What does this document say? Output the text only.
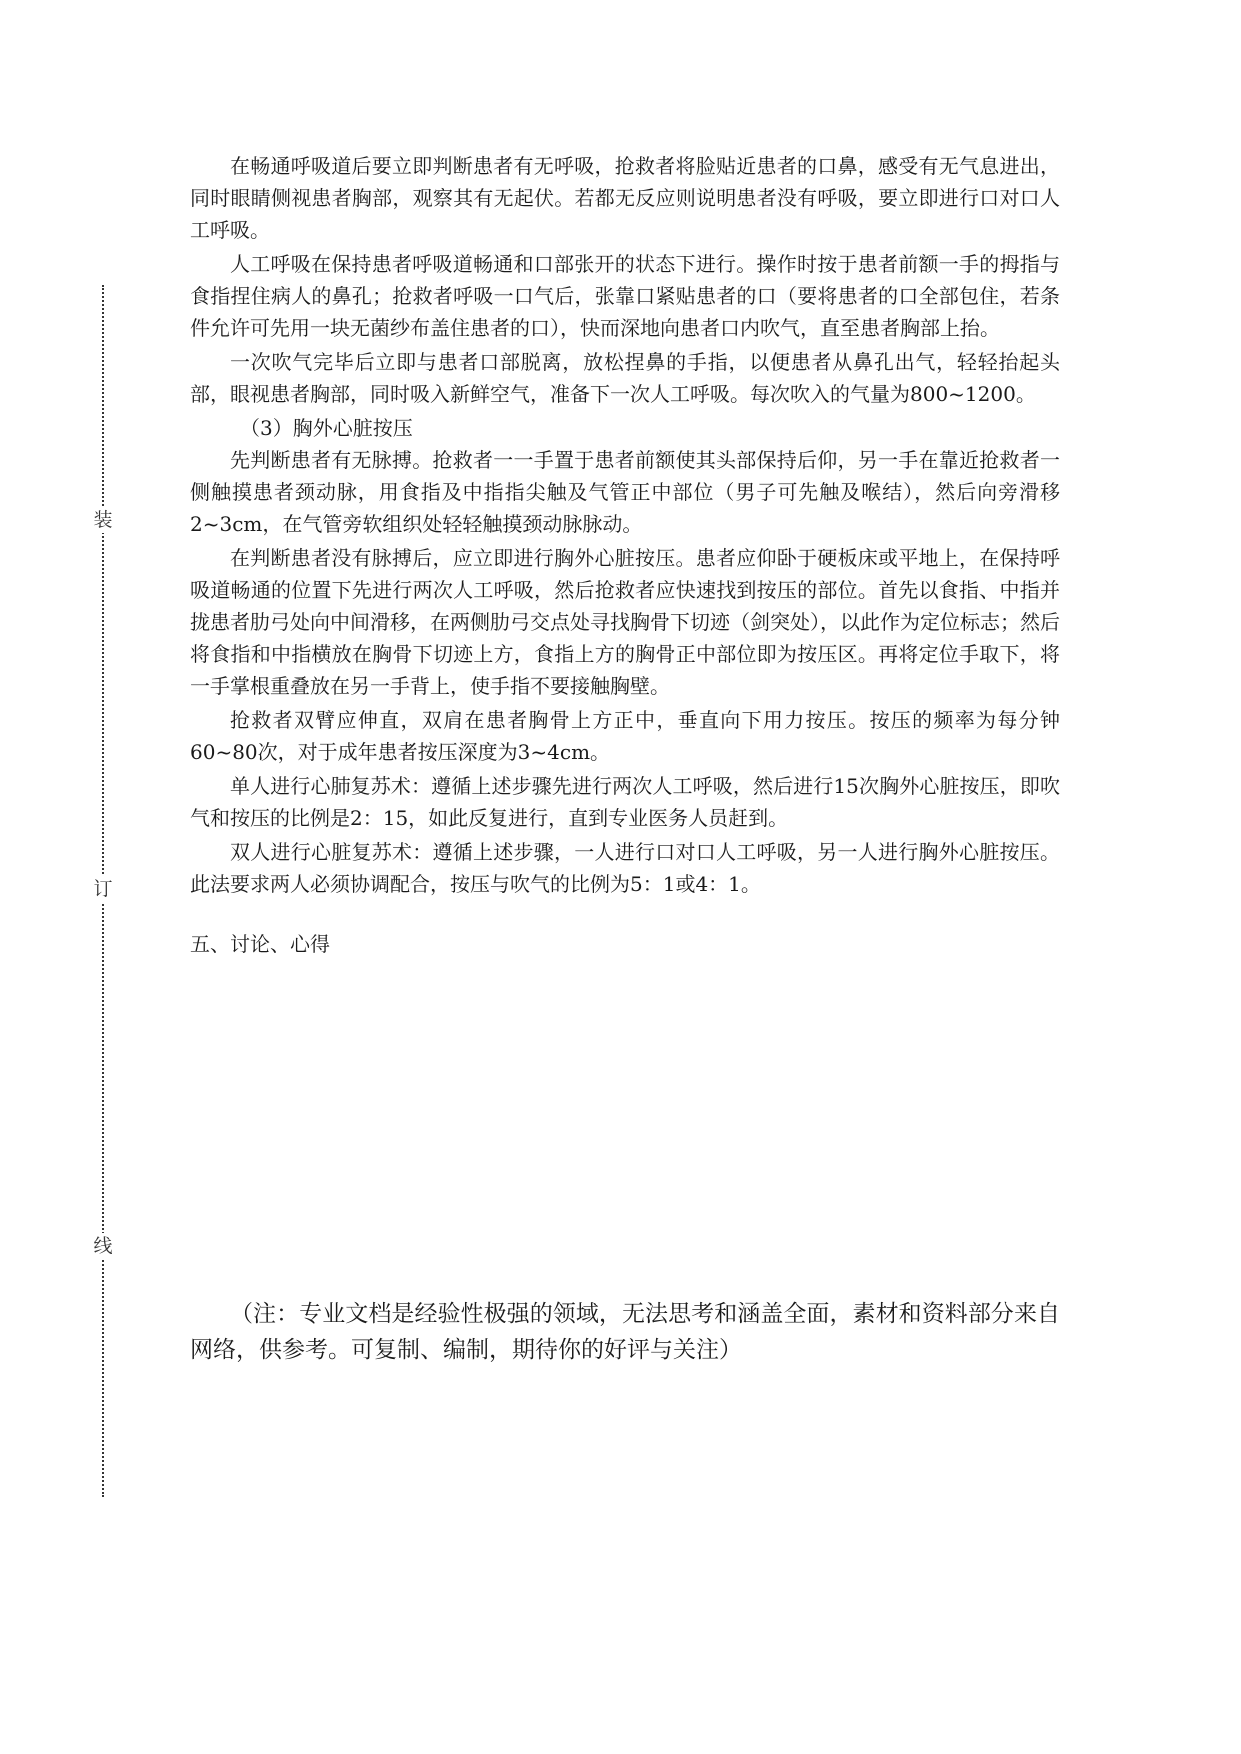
装
订
线

在畅通呼吸道后要立即判断患者有无呼吸，抢救者将脸贴近患者的口鼻，感受有无气息进出，同时眼睛侧视患者胸部，观察其有无起伏。若都无反应则说明患者没有呼吸，要立即进行口对口人工呼吸。

人工呼吸在保持患者呼吸道畅通和口部张开的状态下进行。操作时按于患者前额一手的拇指与食指捏住病人的鼻孔；抢救者呼吸一口气后，张靠口紧贴患者的口（要将患者的口全部包住，若条件允许可先用一块无菌纱布盖住患者的口），快而深地向患者口内吹气，直至患者胸部上抬。

一次吹气完毕后立即与患者口部脱离，放松捏鼻的手指，以便患者从鼻孔出气，轻轻抬起头部，眼视患者胸部，同时吸入新鲜空气，准备下一次人工呼吸。每次吹入的气量为800~1200。

（3）胸外心脏按压

先判断患者有无脉搏。抢救者一一手置于患者前额使其头部保持后仰，另一手在靠近抢救者一侧触摸患者颈动脉，用食指及中指指尖触及气管正中部位（男子可先触及喉结），然后向旁滑移2~3cm，在气管旁软组织处轻轻触摸颈动脉脉动。

在判断患者没有脉搏后，应立即进行胸外心脏按压。患者应仰卧于硬板床或平地上，在保持呼吸道畅通的位置下先进行两次人工呼吸，然后抢救者应快速找到按压的部位。首先以食指、中指并拢患者肋弓处向中间滑移，在两侧肋弓交点处寻找胸骨下切迹（剑突处），以此作为定位标志；然后将食指和中指横放在胸骨下切迹上方，食指上方的胸骨正中部位即为按压区。再将定位手取下，将一手掌根重叠放在另一手背上，使手指不要接触胸壁。

抢救者双臂应伸直，双肩在患者胸骨上方正中，垂直向下用力按压。按压的频率为每分钟60~80次，对于成年患者按压深度为3~4cm。

单人进行心肺复苏术：遵循上述步骤先进行两次人工呼吸，然后进行15次胸外心脏按压，即吹气和按压的比例是2：15，如此反复进行，直到专业医务人员赶到。

双人进行心脏复苏术：遵循上述步骤，一人进行口对口人工呼吸，另一人进行胸外心脏按压。此法要求两人必须协调配合，按压与吹气的比例为5：1或4：1。

五、讨论、心得

（注：专业文档是经验性极强的领域，无法思考和涵盖全面，素材和资料部分来自网络，供参考。可复制、编制，期待你的好评与关注）
